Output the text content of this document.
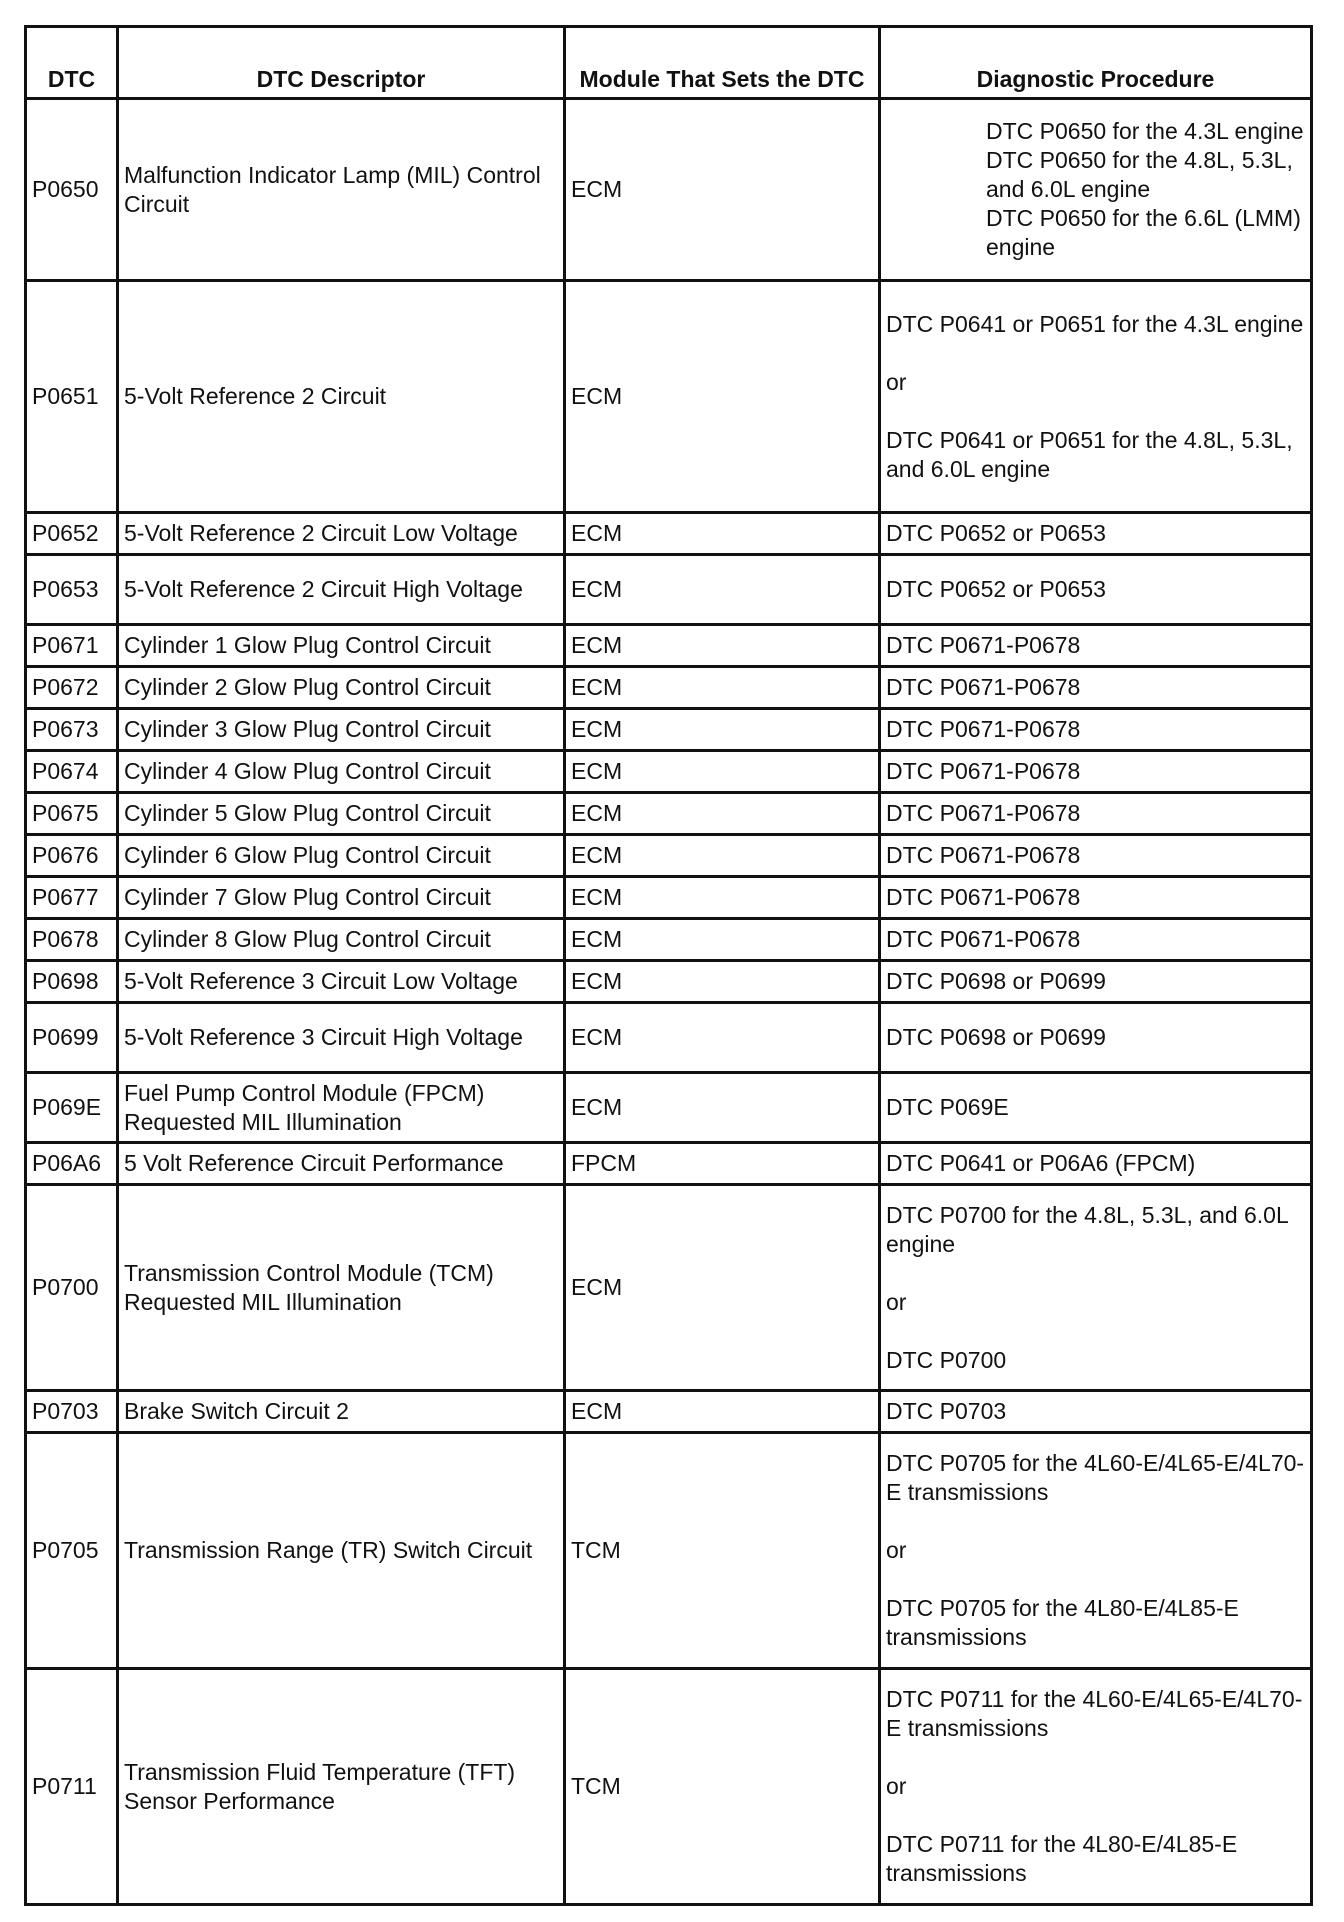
DTC	DTC Descriptor	Module That Sets the DTC	Diagnostic Procedure
P0650	Malfunction Indicator Lamp (MIL) Control Circuit	ECM	DTC P0650 for the 4.3L engine
DTC P0650 for the 4.8L, 5.3L, and 6.0L engine
DTC P0650 for the 6.6L (LMM) engine

P0651	5-Volt Reference 2 Circuit	ECM	DTC P0641 or P0651 for the 4.3L engine
or
DTC P0641 or P0651 for the 4.8L, 5.3L, and 6.0L engine

P0652	5-Volt Reference 2 Circuit Low Voltage	ECM	DTC P0652 or P0653

P0653	5-Volt Reference 2 Circuit High Voltage	ECM	DTC P0652 or P0653

P0671	Cylinder 1 Glow Plug Control Circuit	ECM	DTC P0671-P0678

P0672	Cylinder 2 Glow Plug Control Circuit	ECM	DTC P0671-P0678

P0673	Cylinder 3 Glow Plug Control Circuit	ECM	DTC P0671-P0678

P0674	Cylinder 4 Glow Plug Control Circuit	ECM	DTC P0671-P0678

P0675	Cylinder 5 Glow Plug Control Circuit	ECM	DTC P0671-P0678

P0676	Cylinder 6 Glow Plug Control Circuit	ECM	DTC P0671-P0678

P0677	Cylinder 7 Glow Plug Control Circuit	ECM	DTC P0671-P0678

P0678	Cylinder 8 Glow Plug Control Circuit	ECM	DTC P0671-P0678

P0698	5-Volt Reference 3 Circuit Low Voltage	ECM	DTC P0698 or P0699

P0699	5-Volt Reference 3 Circuit High Voltage	ECM	DTC P0698 or P0699

P069E	Fuel Pump Control Module (FPCM) Requested MIL Illumination	ECM	DTC P069E

P06A6	5 Volt Reference Circuit Performance	FPCM	DTC P0641 or P06A6 (FPCM)

P0700	Transmission Control Module (TCM) Requested MIL Illumination	ECM	DTC P0700 for the 4.8L, 5.3L, and 6.0L engine
or
DTC P0700

P0703	Brake Switch Circuit 2	ECM	DTC P0703

P0705	Transmission Range (TR) Switch Circuit	TCM	DTC P0705 for the 4L60-E/4L65-E/4L70-E transmissions
or
DTC P0705 for the 4L80-E/4L85-E transmissions

P0711	Transmission Fluid Temperature (TFT) Sensor Performance	TCM	DTC P0711 for the 4L60-E/4L65-E/4L70-E transmissions
or
DTC P0711 for the 4L80-E/4L85-E transmissions
